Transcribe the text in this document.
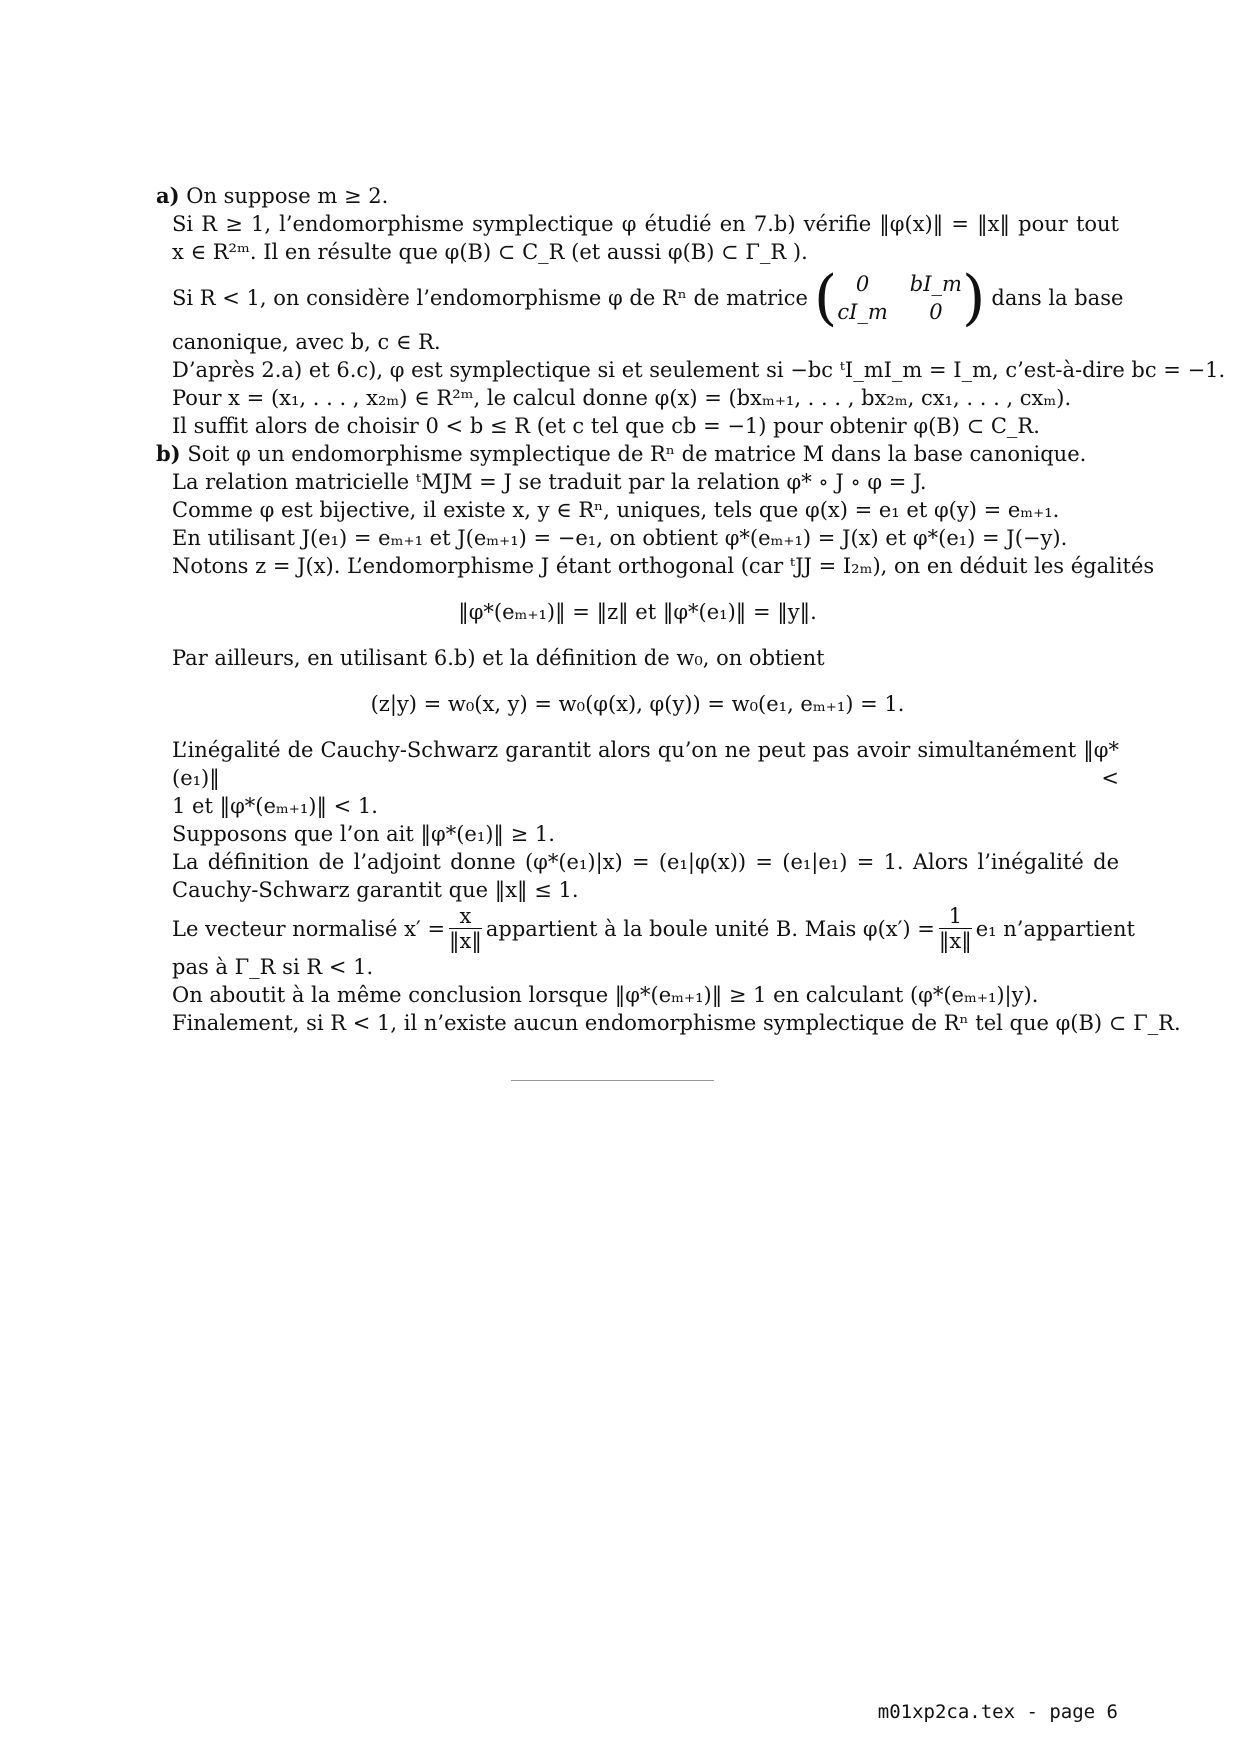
a) On suppose m ≥ 2.
Si R ≥ 1, l’endomorphisme symplectique φ étudié en 7.b) vérifie ‖φ(x)‖ = ‖x‖ pour tout
x ∈ R²ᵐ. Il en résulte que φ(B) ⊂ C_R (et aussi φ(B) ⊂ Γ_R ).
Si R < 1, on considère l’endomorphisme φ de Rⁿ de matrice ( 0	bI_m
cI_m	0 ) dans la base
canonique, avec b, c ∈ R.
D’après 2.a) et 6.c), φ est symplectique si et seulement si −bc ᵗI_mI_m = I_m, c’est-à-dire bc = −1.
Pour x = (x₁, . . . , x₂ₘ) ∈ R²ᵐ, le calcul donne φ(x) = (bxₘ₊₁, . . . , bx₂ₘ, cx₁, . . . , cxₘ).
Il suffit alors de choisir 0 < b ≤ R (et c tel que cb = −1) pour obtenir φ(B) ⊂ C_R.
b) Soit φ un endomorphisme symplectique de Rⁿ de matrice M dans la base canonique.
La relation matricielle ᵗMJM = J se traduit par la relation φ* ∘ J ∘ φ = J.
Comme φ est bijective, il existe x, y ∈ Rⁿ, uniques, tels que φ(x) = e₁ et φ(y) = eₘ₊₁.
En utilisant J(e₁) = eₘ₊₁ et J(eₘ₊₁) = −e₁, on obtient φ*(eₘ₊₁) = J(x) et φ*(e₁) = J(−y).
Notons z = J(x). L’endomorphisme J étant orthogonal (car ᵗJJ = I₂ₘ), on en déduit les égalités
‖φ*(eₘ₊₁)‖ = ‖z‖ et ‖φ*(e₁)‖ = ‖y‖.
Par ailleurs, en utilisant 6.b) et la définition de w₀, on obtient
(z|y) = w₀(x, y) = w₀(φ(x), φ(y)) = w₀(e₁, eₘ₊₁) = 1.
L’inégalité de Cauchy-Schwarz garantit alors qu’on ne peut pas avoir simultanément ‖φ*(e₁)‖ <
1 et ‖φ*(eₘ₊₁)‖ < 1.
Supposons que l’on ait ‖φ*(e₁)‖ ≥ 1.
La définition de l’adjoint donne (φ*(e₁)|x) = (e₁|φ(x)) = (e₁|e₁) = 1. Alors l’inégalité de
Cauchy-Schwarz garantit que ‖x‖ ≤ 1.
Le vecteur normalisé $x' = \frac{x}{‖x‖}$ appartient à la boule unité B. Mais $\varphi(x') = \frac{1}{‖x‖} e_1$ n’appartient
pas à Γ_R si R < 1.
On aboutit à la même conclusion lorsque ‖φ*(eₘ₊₁)‖ ≥ 1 en calculant (φ*(eₘ₊₁)|y).
Finalement, si R < 1, il n’existe aucun endomorphisme symplectique de Rⁿ tel que φ(B) ⊂ Γ_R.
m01xp2ca.tex - page 6
